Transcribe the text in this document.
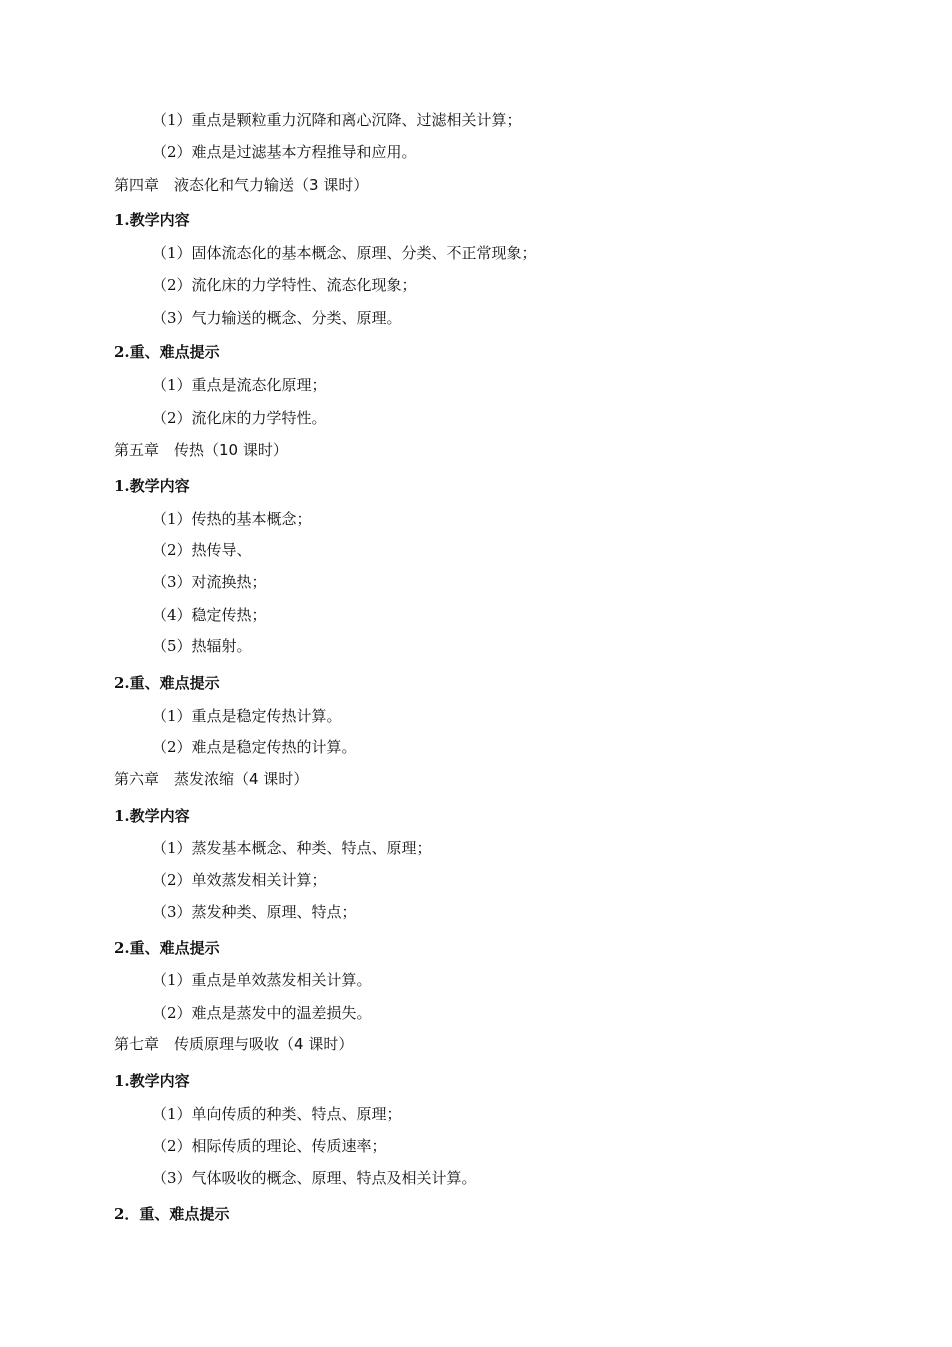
（1）重点是颗粒重力沉降和离心沉降、过滤相关计算；
（2）难点是过滤基本方程推导和应用。
第四章　液态化和气力输送（3 课时）
1.教学内容
（1）固体流态化的基本概念、原理、分类、不正常现象；
（2）流化床的力学特性、流态化现象；
（3）气力输送的概念、分类、原理。
2.重、难点提示
（1）重点是流态化原理；
（2）流化床的力学特性。
第五章　传热（10 课时）
1.教学内容
（1）传热的基本概念；
（2）热传导、
（3）对流换热；
（4）稳定传热；
（5）热辐射。
2.重、难点提示
（1）重点是稳定传热计算。
（2）难点是稳定传热的计算。
第六章　蒸发浓缩（4 课时）
1.教学内容
（1）蒸发基本概念、种类、特点、原理；
（2）单效蒸发相关计算；
（3）蒸发种类、原理、特点；
2.重、难点提示
（1）重点是单效蒸发相关计算。
（2）难点是蒸发中的温差损失。
第七章　传质原理与吸收（4 课时）
1.教学内容
（1）单向传质的种类、特点、原理；
（2）相际传质的理论、传质速率；
（3）气体吸收的概念、原理、特点及相关计算。
2．重、难点提示
